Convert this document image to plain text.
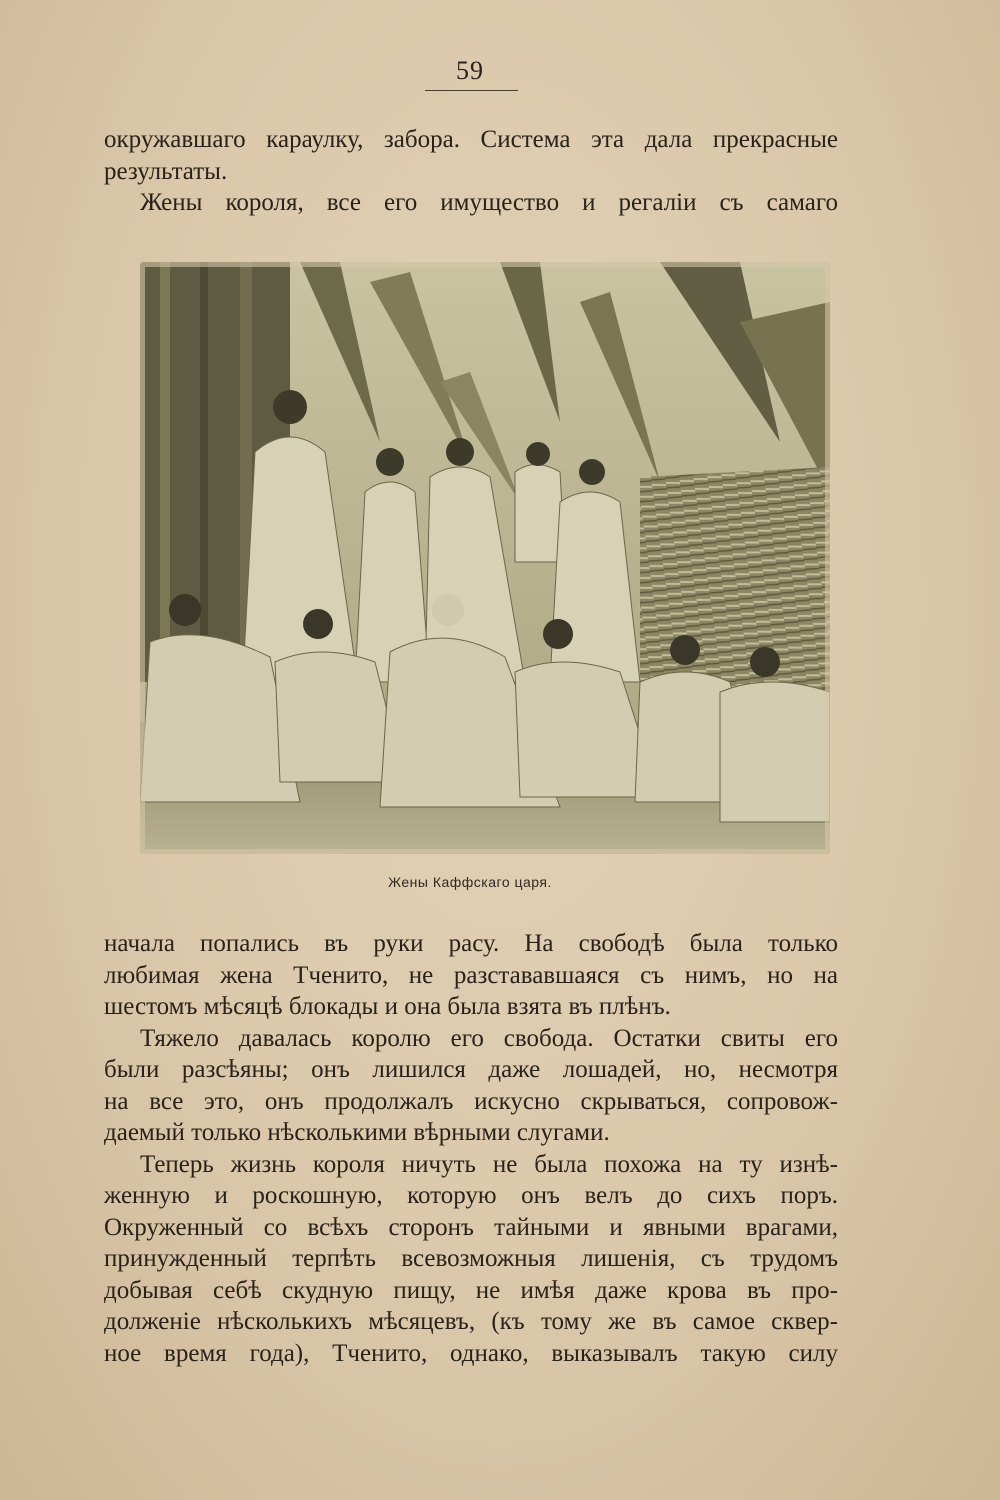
59
окружавшаго караулку, забора. Система эта дала прекрасные
результаты.
Жены короля, все его имущество и регаліи съ самаго
Жены Каффскаго царя.
начала попались въ руки расу. На свободѣ была только
любимая жена Тченито, не разстававшаяся съ нимъ, но на
шестомъ мѣсяцѣ блокады и она была взята въ плѣнъ.
Тяжело давалась королю его свобода. Остатки свиты его
были разсѣяны; онъ лишился даже лошадей, но, несмотря
на все это, онъ продолжалъ искусно скрываться, сопровож-
даемый только нѣсколькими вѣрными слугами.
Теперь жизнь короля ничуть не была похожа на ту изнѣ-
женную и роскошную, которую онъ велъ до сихъ поръ.
Окруженный со всѣхъ сторонъ тайными и явными врагами,
принужденный терпѣть всевозможныя лишенія, съ трудомъ
добывая себѣ скудную пищу, не имѣя даже крова въ про-
долженіе нѣсколькихъ мѣсяцевъ, (къ тому же въ самое сквер-
ное время года), Тченито, однако, выказывалъ такую силу
